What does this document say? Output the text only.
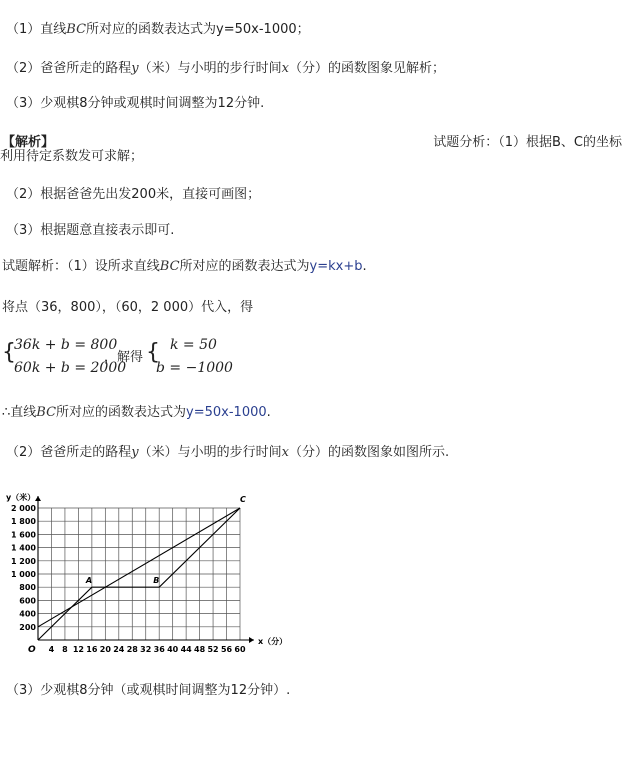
（1）直线BC所对应的函数表达式为y=50x-1000；
（2）爸爸所走的路程y（米）与小明的步行时间x（分）的函数图象见解析；
（3）少观棋8分钟或观棋时间调整为12分钟.
【解析】	试题分析：（1）根据B、C的坐标
利用待定系数发可求解；
（2）根据爸爸先出发200米，直接可画图；
（3）根据题意直接表示即可.
试题解析：（1）设所求直线BC所对应的函数表达式为y=kx+b.
将点（36，800），（60，2 000）代入，得
{
36k + b = 800
60k + b = 2000
，解得 { k = 50
b = −1000
∴直线BC所对应的函数表达式为y=50x-1000.
（2）爸爸所走的路程y（米）与小明的步行时间x（分）的函数图象如图所示.
4 8 12 16 20 24 28 32 36 40 44 48 52 56 60
200
400
600
800
1 000
1 200
1 400
1 600
1 800
2 000
O
y（米）
x（分）
A	B
C
（3）少观棋8分钟（或观棋时间调整为12分钟）.
